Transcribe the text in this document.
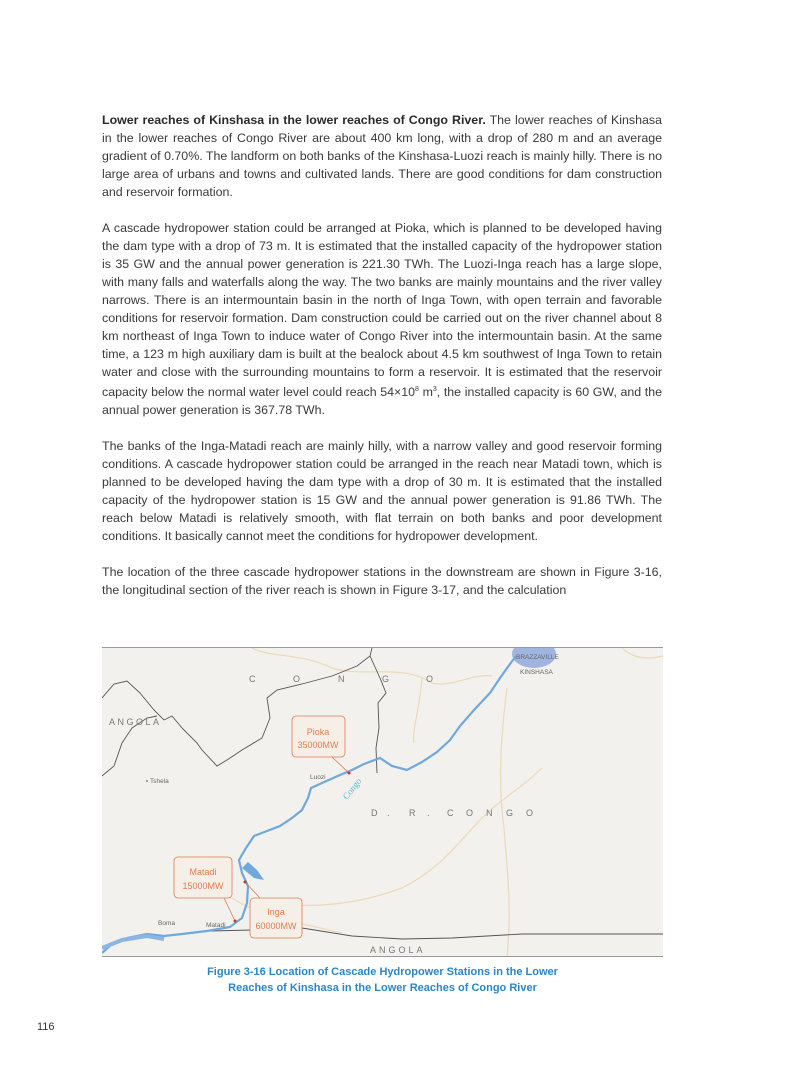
Lower reaches of Kinshasa in the lower reaches of Congo River. The lower reaches of Kinshasa in the lower reaches of Congo River are about 400 km long, with a drop of 280 m and an average gradient of 0.70%. The landform on both banks of the Kinshasa-Luozi reach is mainly hilly. There is no large area of urbans and towns and cultivated lands. There are good conditions for dam construction and reservoir formation.

A cascade hydropower station could be arranged at Pioka, which is planned to be developed having the dam type with a drop of 73 m. It is estimated that the installed capacity of the hydropower station is 35 GW and the annual power generation is 221.30 TWh. The Luozi-Inga reach has a large slope, with many falls and waterfalls along the way. The two banks are mainly mountains and the river valley narrows. There is an intermountain basin in the north of Inga Town, with open terrain and favorable conditions for reservoir formation. Dam construction could be carried out on the river channel about 8 km northeast of Inga Town to induce water of Congo River into the intermountain basin. At the same time, a 123 m high auxiliary dam is built at the bealock about 4.5 km southwest of Inga Town to retain water and close with the surrounding mountains to form a reservoir. It is estimated that the reservoir capacity below the normal water level could reach $54\times 10^8$ $m^3$, the installed capacity is 60 GW, and the annual power generation is 367.78 TWh.

The banks of the Inga-Matadi reach are mainly hilly, with a narrow valley and good reservoir forming conditions. A cascade hydropower station could be arranged in the reach near Matadi town, which is planned to be developed having the dam type with a drop of 30 m. It is estimated that the installed capacity of the hydropower station is 15 GW and the annual power generation is 91.86 TWh. The reach below Matadi is relatively smooth, with flat terrain on both banks and poor development conditions. It basically cannot meet the conditions for hydropower development.

The location of the three cascade hydropower stations in the downstream are shown in Figure 3-16, the longitudinal section of the river reach is shown in Figure 3-17, and the calculation

C	O	N	G	O
D . R . C O N G O
ANGOLA
ANGOLA
BRAZZAVILLE
KINSHASA
Tshela
Luozi
Boma	Matadi
Congo
Pioka
35000MW
Matadi
15000MW
Inga
60000MW
Figure 3-16 Location of Cascade Hydropower Stations in the Lower
Reaches of Kinshasa in the Lower Reaches of Congo River
116
